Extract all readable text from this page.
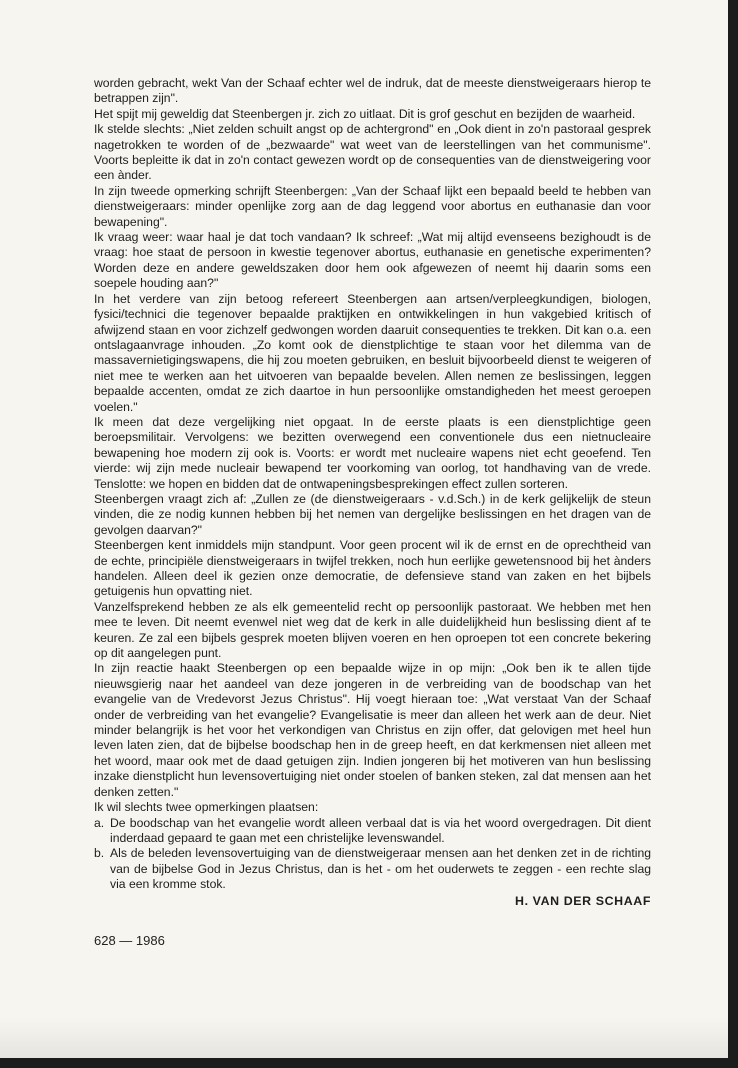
worden gebracht, wekt Van der Schaaf echter wel de indruk, dat de meeste dienstweigeraars hierop te betrappen zijn".

Het spijt mij geweldig dat Steenbergen jr. zich zo uitlaat. Dit is grof geschut en bezijden de waarheid.

Ik stelde slechts: „Niet zelden schuilt angst op de achtergrond" en „Ook dient in zo'n pastoraal gesprek nagetrokken te worden of de „bezwaarde" wat weet van de leerstellingen van het communisme". Voorts bepleitte ik dat in zo'n contact gewezen wordt op de consequenties van de dienstweigering voor een ànder.

In zijn tweede opmerking schrijft Steenbergen: „Van der Schaaf lijkt een bepaald beeld te hebben van dienstweigeraars: minder openlijke zorg aan de dag leggend voor abortus en euthanasie dan voor bewapening".

Ik vraag weer: waar haal je dat toch vandaan? Ik schreef: „Wat mij altijd evenseens bezighoudt is de vraag: hoe staat de persoon in kwestie tegenover abortus, euthanasie en genetische experimenten? Worden deze en andere geweldszaken door hem ook afgewezen of neemt hij daarin soms een soepele houding aan?"

In het verdere van zijn betoog refereert Steenbergen aan artsen/verpleegkundigen, biologen, fysici/technici die tegenover bepaalde praktijken en ontwikkelingen in hun vakgebied kritisch of afwijzend staan en voor zichzelf gedwongen worden daaruit consequenties te trekken. Dit kan o.a. een ontslagaanvrage inhouden. „Zo komt ook de dienstplichtige te staan voor het dilemma van de massavernietigingswapens, die hij zou moeten gebruiken, en besluit bijvoorbeeld dienst te weigeren of niet mee te werken aan het uitvoeren van bepaalde bevelen. Allen nemen ze beslissingen, leggen bepaalde accenten, omdat ze zich daartoe in hun persoonlijke omstandigheden het meest geroepen voelen."

Ik meen dat deze vergelijking niet opgaat. In de eerste plaats is een dienstplichtige geen beroepsmilitair. Vervolgens: we bezitten overwegend een conventionele dus een nietnucleaire bewapening hoe modern zij ook is. Voorts: er wordt met nucleaire wapens niet echt geoefend. Ten vierde: wij zijn mede nucleair bewapend ter voorkoming van oorlog, tot handhaving van de vrede. Tenslotte: we hopen en bidden dat de ontwapeningsbesprekingen effect zullen sorteren.

Steenbergen vraagt zich af: „Zullen ze (de dienstweigeraars - v.d.Sch.) in de kerk gelijkelijk de steun vinden, die ze nodig kunnen hebben bij het nemen van dergelijke beslissingen en het dragen van de gevolgen daarvan?"

Steenbergen kent inmiddels mijn standpunt. Voor geen procent wil ik de ernst en de oprechtheid van de echte, principiële dienstweigeraars in twijfel trekken, noch hun eerlijke gewetensnood bij het ànders handelen. Alleen deel ik gezien onze democratie, de defensieve stand van zaken en het bijbels getuigenis hun opvatting niet.

Vanzelfsprekend hebben ze als elk gemeentelid recht op persoonlijk pastoraat. We hebben met hen mee te leven. Dit neemt evenwel niet weg dat de kerk in alle duidelijkheid hun beslissing dient af te keuren. Ze zal een bijbels gesprek moeten blijven voeren en hen oproepen tot een concrete bekering op dit aangelegen punt.

In zijn reactie haakt Steenbergen op een bepaalde wijze in op mijn: „Ook ben ik te allen tijde nieuwsgierig naar het aandeel van deze jongeren in de verbreiding van de boodschap van het evangelie van de Vredevorst Jezus Christus". Hij voegt hieraan toe: „Wat verstaat Van der Schaaf onder de verbreiding van het evangelie? Evangelisatie is meer dan alleen het werk aan de deur. Niet minder belangrijk is het voor het verkondigen van Christus en zijn offer, dat gelovigen met heel hun leven laten zien, dat de bijbelse boodschap hen in de greep heeft, en dat kerkmensen niet alleen met het woord, maar ook met de daad getuigen zijn. Indien jongeren bij het motiveren van hun beslissing inzake dienstplicht hun levensovertuiging niet onder stoelen of banken steken, zal dat mensen aan het denken zetten."

Ik wil slechts twee opmerkingen plaatsen:

a. De boodschap van het evangelie wordt alleen verbaal dat is via het woord overgedragen. Dit dient inderdaad gepaard te gaan met een christelijke levenswandel.
b. Als de beleden levensovertuiging van de dienstweigeraar mensen aan het denken zet in de richting van de bijbelse God in Jezus Christus, dan is het - om het ouderwets te zeggen - een rechte slag via een kromme stok.
H. VAN DER SCHAAF
628 — 1986
